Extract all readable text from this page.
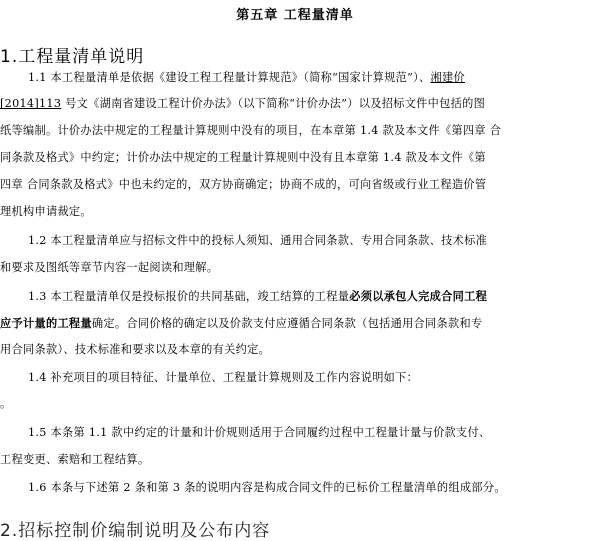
第五章 工程量清单
1.工程量清单说明
1.1 本工程量清单是依据《建设工程工程量计算规范》（简称“国家计算规范”）、湘建价
[2014]113 号文《湖南省建设工程计价办法》（以下简称“计价办法”）以及招标文件中包括的图
纸等编制。计价办法中规定的工程量计算规则中没有的项目，在本章第 1.4 款及本文件《第四章 合
同条款及格式》中约定；计价办法中规定的工程量计算规则中没有且本章第 1.4 款及本文件《第
四章 合同条款及格式》中也未约定的，双方协商确定；协商不成的，可向省级或行业工程造价管
理机构申请裁定。
1.2 本工程量清单应与招标文件中的投标人须知、通用合同条款、专用合同条款、技术标准
和要求及图纸等章节内容一起阅读和理解。
1.3 本工程量清单仅是投标报价的共同基础，竣工结算的工程量必须以承包人完成合同工程
应予计量的工程量确定。合同价格的确定以及价款支付应遵循合同条款（包括通用合同条款和专
用合同条款）、技术标准和要求以及本章的有关约定。
1.4 补充项目的项目特征、计量单位、工程量计算规则及工作内容说明如下：
。
1.5 本条第 1.1 款中约定的计量和计价规则适用于合同履约过程中工程量计量与价款支付、
工程变更、索赔和工程结算。
1.6 本条与下述第 2 条和第 3 条的说明内容是构成合同文件的已标价工程量清单的组成部分。
2.招标控制价编制说明及公布内容
